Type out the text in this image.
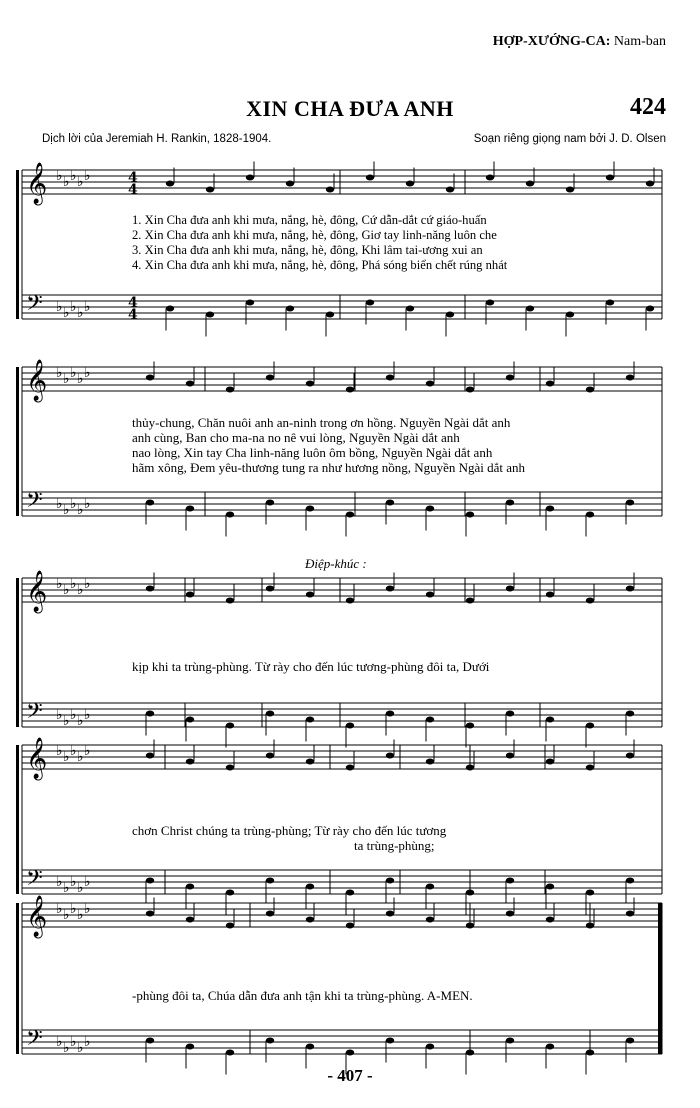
HỢP-XƯỚNG-CA: Nam-ban
XIN CHA ĐƯA ANH	424
Dịch lời của Jeremiah H. Rankin, 1828-1904.	Soạn riêng giọng nam bởi J. D. Olsen
𝄞
𝄢
♭
♭
♭
♭
♭
♭
♭
♭
♭
♭
𝄞
𝄢
♭
♭
♭
♭
♭
♭
♭
♭
♭
♭
𝄞
𝄢
♭
♭
♭
♭
♭
♭
♭
♭
♭
♭
𝄞
𝄢
♭
♭
♭
♭
♭
♭
♭
♭
♭
♭
𝄞
𝄢
♭
♭
♭
♭
♭
♭
♭
♭
♭
♭
4
4
4
4
1. Xin Cha đưa anh khi mưa, nắng, hè, đông, Cứ dẫn-dắt cứ giáo-huấn
2. Xin Cha đưa anh khi mưa, nắng, hè, đông, Giơ tay linh-năng luôn che
3. Xin Cha đưa anh khi mưa, nắng, hè, đông, Khi lâm tai-ương xui an
4. Xin Cha đưa anh khi mưa, nắng, hè, đông, Phá sóng biển chết rúng nhát
thủy-chung, Chăn nuôi anh an-ninh trong ơn hồng. Nguyền Ngài dắt anh
anh cùng, Ban cho ma-na no nê vui lòng, Nguyền Ngài dắt anh
nao lòng, Xin tay Cha linh-năng luôn ôm bồng, Nguyền Ngài dắt anh
hãm xông, Đem yêu-thương tung ra như hương nồng, Nguyền Ngài dắt anh
Điệp-khúc :
kịp khi ta trùng-phùng. Từ rày cho đến lúc tương-phùng đôi ta, Dưới
chơn Christ chúng ta trùng-phùng; Từ rày cho đến lúc tương
ta trùng-phùng;
-phùng đôi ta, Chúa dẫn đưa anh tận khi ta trùng-phùng. A-MEN.
- 407 -
